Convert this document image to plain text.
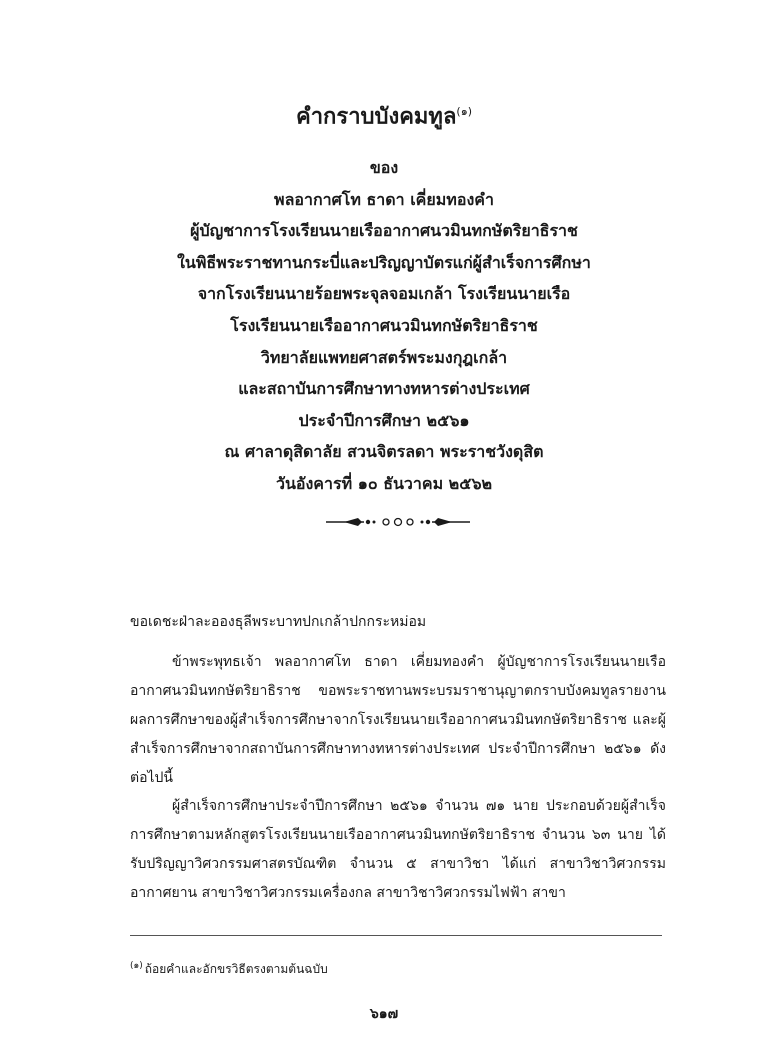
คำกราบบังคมทูล$^{(๑)}$
ของ
พลอากาศโท ธาดา เคี่ยมทองคำ
ผู้บัญชาการโรงเรียนนายเรืออากาศนวมินทกษัตริยาธิราช
ในพิธีพระราชทานกระบี่และปริญญาบัตรแก่ผู้สำเร็จการศึกษา
จากโรงเรียนนายร้อยพระจุลจอมเกล้า โรงเรียนนายเรือ
โรงเรียนนายเรืออากาศนวมินทกษัตริยาธิราช
วิทยาลัยแพทยศาสตร์พระมงกุฎเกล้า
และสถาบันการศึกษาทางทหารต่างประเทศ
ประจำปีการศึกษา ๒๕๖๑
ณ ศาลาดุสิดาลัย สวนจิตรลดา พระราชวังดุสิต
วันอังคารที่ ๑๐ ธันวาคม ๒๕๖๒
ขอเดชะฝ่าละอองธุลีพระบาทปกเกล้าปกกระหม่อม
ข้าพระพุทธเจ้า พลอากาศโท ธาดา เคี่ยมทองคำ ผู้บัญชาการโรงเรียนนายเรืออากาศนวมินทกษัตริยาธิราช ขอพระราชทานพระบรมราชานุญาตกราบบังคมทูลรายงานผลการศึกษาของผู้สำเร็จการศึกษาจากโรงเรียนนายเรืออากาศนวมินทกษัตริยาธิราช และผู้สำเร็จการศึกษาจากสถาบันการศึกษาทางทหารต่างประเทศ ประจำปีการศึกษา ๒๕๖๑ ดังต่อไปนี้
ผู้สำเร็จการศึกษาประจำปีการศึกษา ๒๕๖๑ จำนวน ๗๑ นาย ประกอบด้วยผู้สำเร็จการศึกษาตามหลักสูตรโรงเรียนนายเรืออากาศนวมินทกษัตริยาธิราช จำนวน ๖๓ นาย ได้รับปริญญาวิศวกรรมศาสตรบัณฑิต จำนวน ๕ สาขาวิชา ได้แก่ สาขาวิชาวิศวกรรมอากาศยาน สาขาวิชาวิศวกรรมเครื่องกล สาขาวิชาวิศวกรรมไฟฟ้า สาขา
$^{(๑)}$ ถ้อยคำและอักขรวิธีตรงตามต้นฉบับ
๖๑๗
